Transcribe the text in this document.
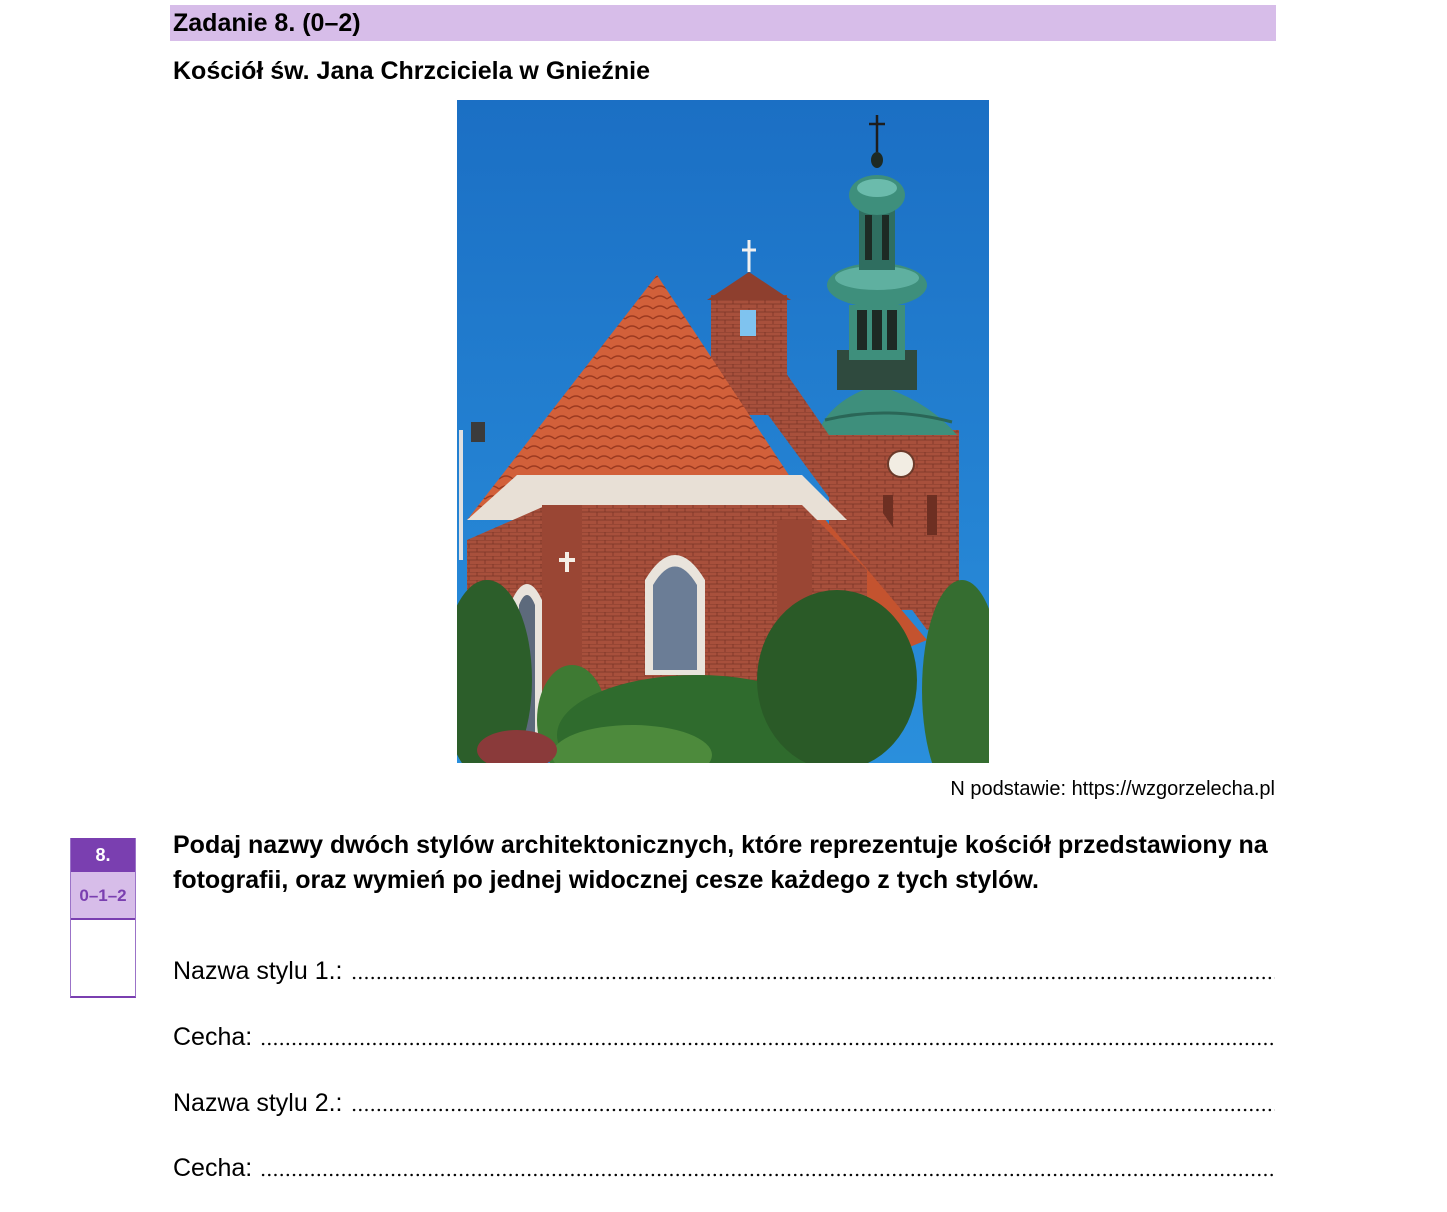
Zadanie 8. (0–2)
Kościół św. Jana Chrzciciela w Gnieźnie
N podstawie: https://wzgorzelecha.pl
8.
0–1–2
Podaj nazwy dwóch stylów architektonicznych, które reprezentuje kościół przedstawiony na fotografii, oraz wymień po jednej widocznej cesze każdego z tych stylów.
Nazwa stylu 1.:
Cecha:
Nazwa stylu 2.:
Cecha:
